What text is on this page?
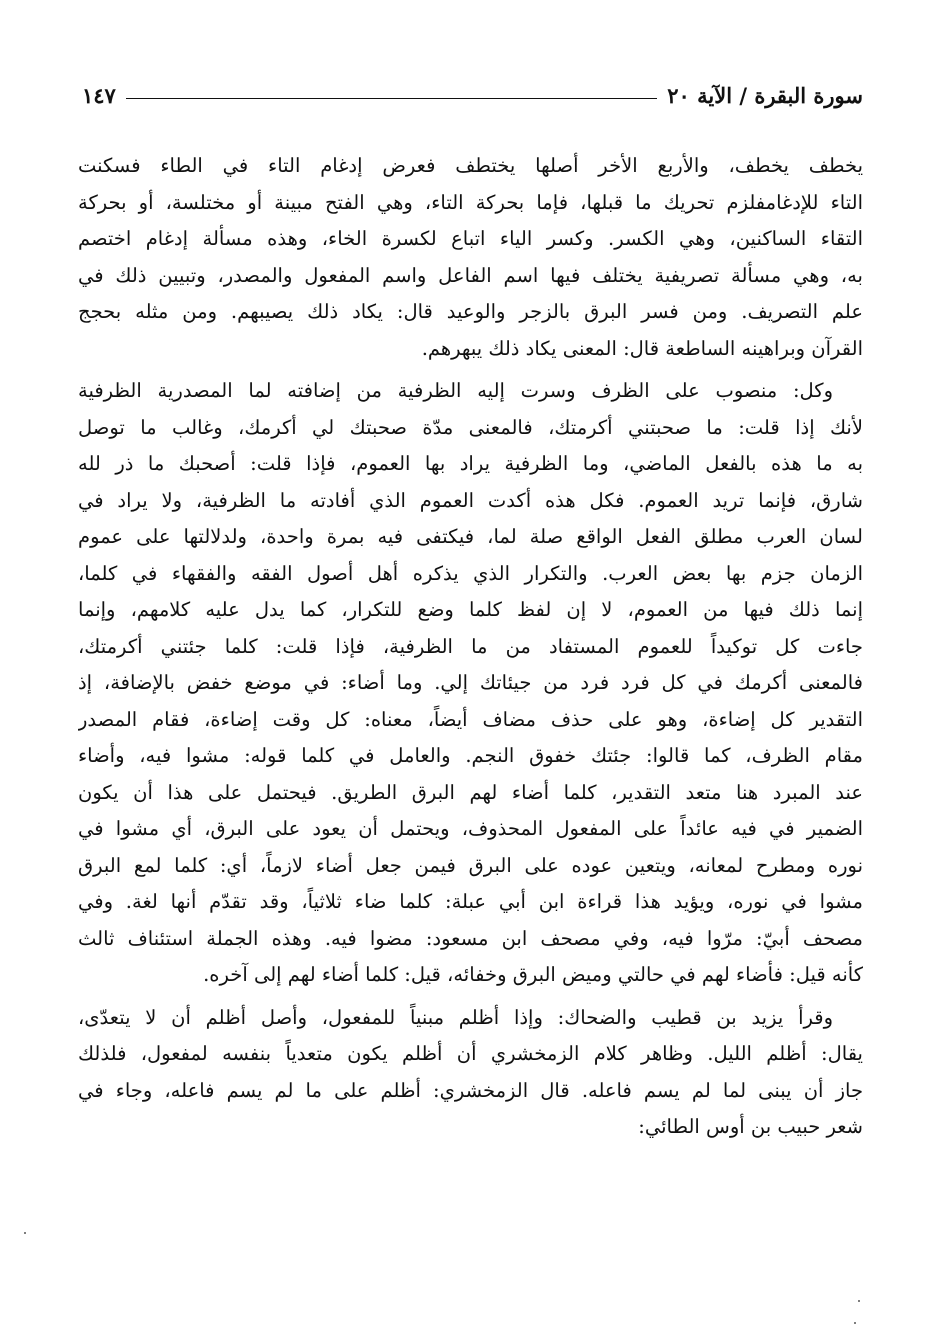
سورة البقرة / الآية ٢٠
١٤٧
يخطف يخطف، والأربع الأخر أصلها يختطف فعرض إدغام التاء في الطاء فسكنت
التاء للإدغامفلزم تحريك ما قبلها، فإما بحركة التاء، وهي الفتح مبينة أو مختلسة، أو بحركة
التقاء الساكنين، وهي الكسر. وكسر الياء اتباع لكسرة الخاء، وهذه مسألة إدغام اختصم
به، وهي مسألة تصريفية يختلف فيها اسم الفاعل واسم المفعول والمصدر، وتبيين ذلك في
علم التصريف. ومن فسر البرق بالزجر والوعيد قال: يكاد ذلك يصيبهم. ومن مثله بحجج
القرآن وبراهينه الساطعة قال: المعنى يكاد ذلك يبهرهم.
وكل: منصوب على الظرف وسرت إليه الظرفية من إضافته لما المصدرية الظرفية
لأنك إذا قلت: ما صحبتني أكرمتك، فالمعنى مدّة صحبتك لي أكرمك، وغالب ما توصل
به ما هذه بالفعل الماضي، وما الظرفية يراد بها العموم، فإذا قلت: أصحبك ما ذر لله
شارق، فإنما تريد العموم. فكل هذه أكدت العموم الذي أفادته ما الظرفية، ولا يراد في
لسان العرب مطلق الفعل الواقع صلة لما، فيكتفى فيه بمرة واحدة، ولدلالتها على عموم
الزمان جزم بها بعض العرب. والتكرار الذي يذكره أهل أصول الفقه والفقهاء في كلما،
إنما ذلك فيها من العموم، لا إن لفظ كلما وضع للتكرار، كما يدل عليه كلامهم، وإنما
جاءت كل توكيداً للعموم المستفاد من ما الظرفية، فإذا قلت: كلما جئتني أكرمتك،
فالمعنى أكرمك في كل فرد فرد من جيئاتك إلي. وما أضاء: في موضع خفض بالإضافة، إذ
التقدير كل إضاءة، وهو على حذف مضاف أيضاً، معناه: كل وقت إضاءة، فقام المصدر
مقام الظرف، كما قالوا: جئتك خفوق النجم. والعامل في كلما قوله: مشوا فيه، وأضاء
عند المبرد هنا متعد التقدير، كلما أضاء لهم البرق الطريق. فيحتمل على هذا أن يكون
الضمير في فيه عائداً على المفعول المحذوف، ويحتمل أن يعود على البرق، أي مشوا في
نوره ومطرح لمعانه، ويتعين عوده على البرق فيمن جعل أضاء لازماً، أي: كلما لمع البرق
مشوا في نوره، ويؤيد هذا قراءة ابن أبي عبلة: كلما ضاء ثلاثياً، وقد تقدّم أنها لغة. وفي
مصحف أبيّ: مرّوا فيه، وفي مصحف ابن مسعود: مضوا فيه. وهذه الجملة استئناف ثالث
كأنه قيل: فأضاء لهم في حالتي وميض البرق وخفائه، قيل: كلما أضاء لهم إلى آخره.
وقرأ يزيد بن قطيب والضحاك: وإذا أظلم مبنياً للمفعول، وأصل أظلم أن لا يتعدّى،
يقال: أظلم الليل. وظاهر كلام الزمخشري أن أظلم يكون متعدياً بنفسه لمفعول، فلذلك
جاز أن يبنى لما لم يسم فاعله. قال الزمخشري: أظلم على ما لم يسم فاعله، وجاء في
شعر حبيب بن أوس الطائي:
